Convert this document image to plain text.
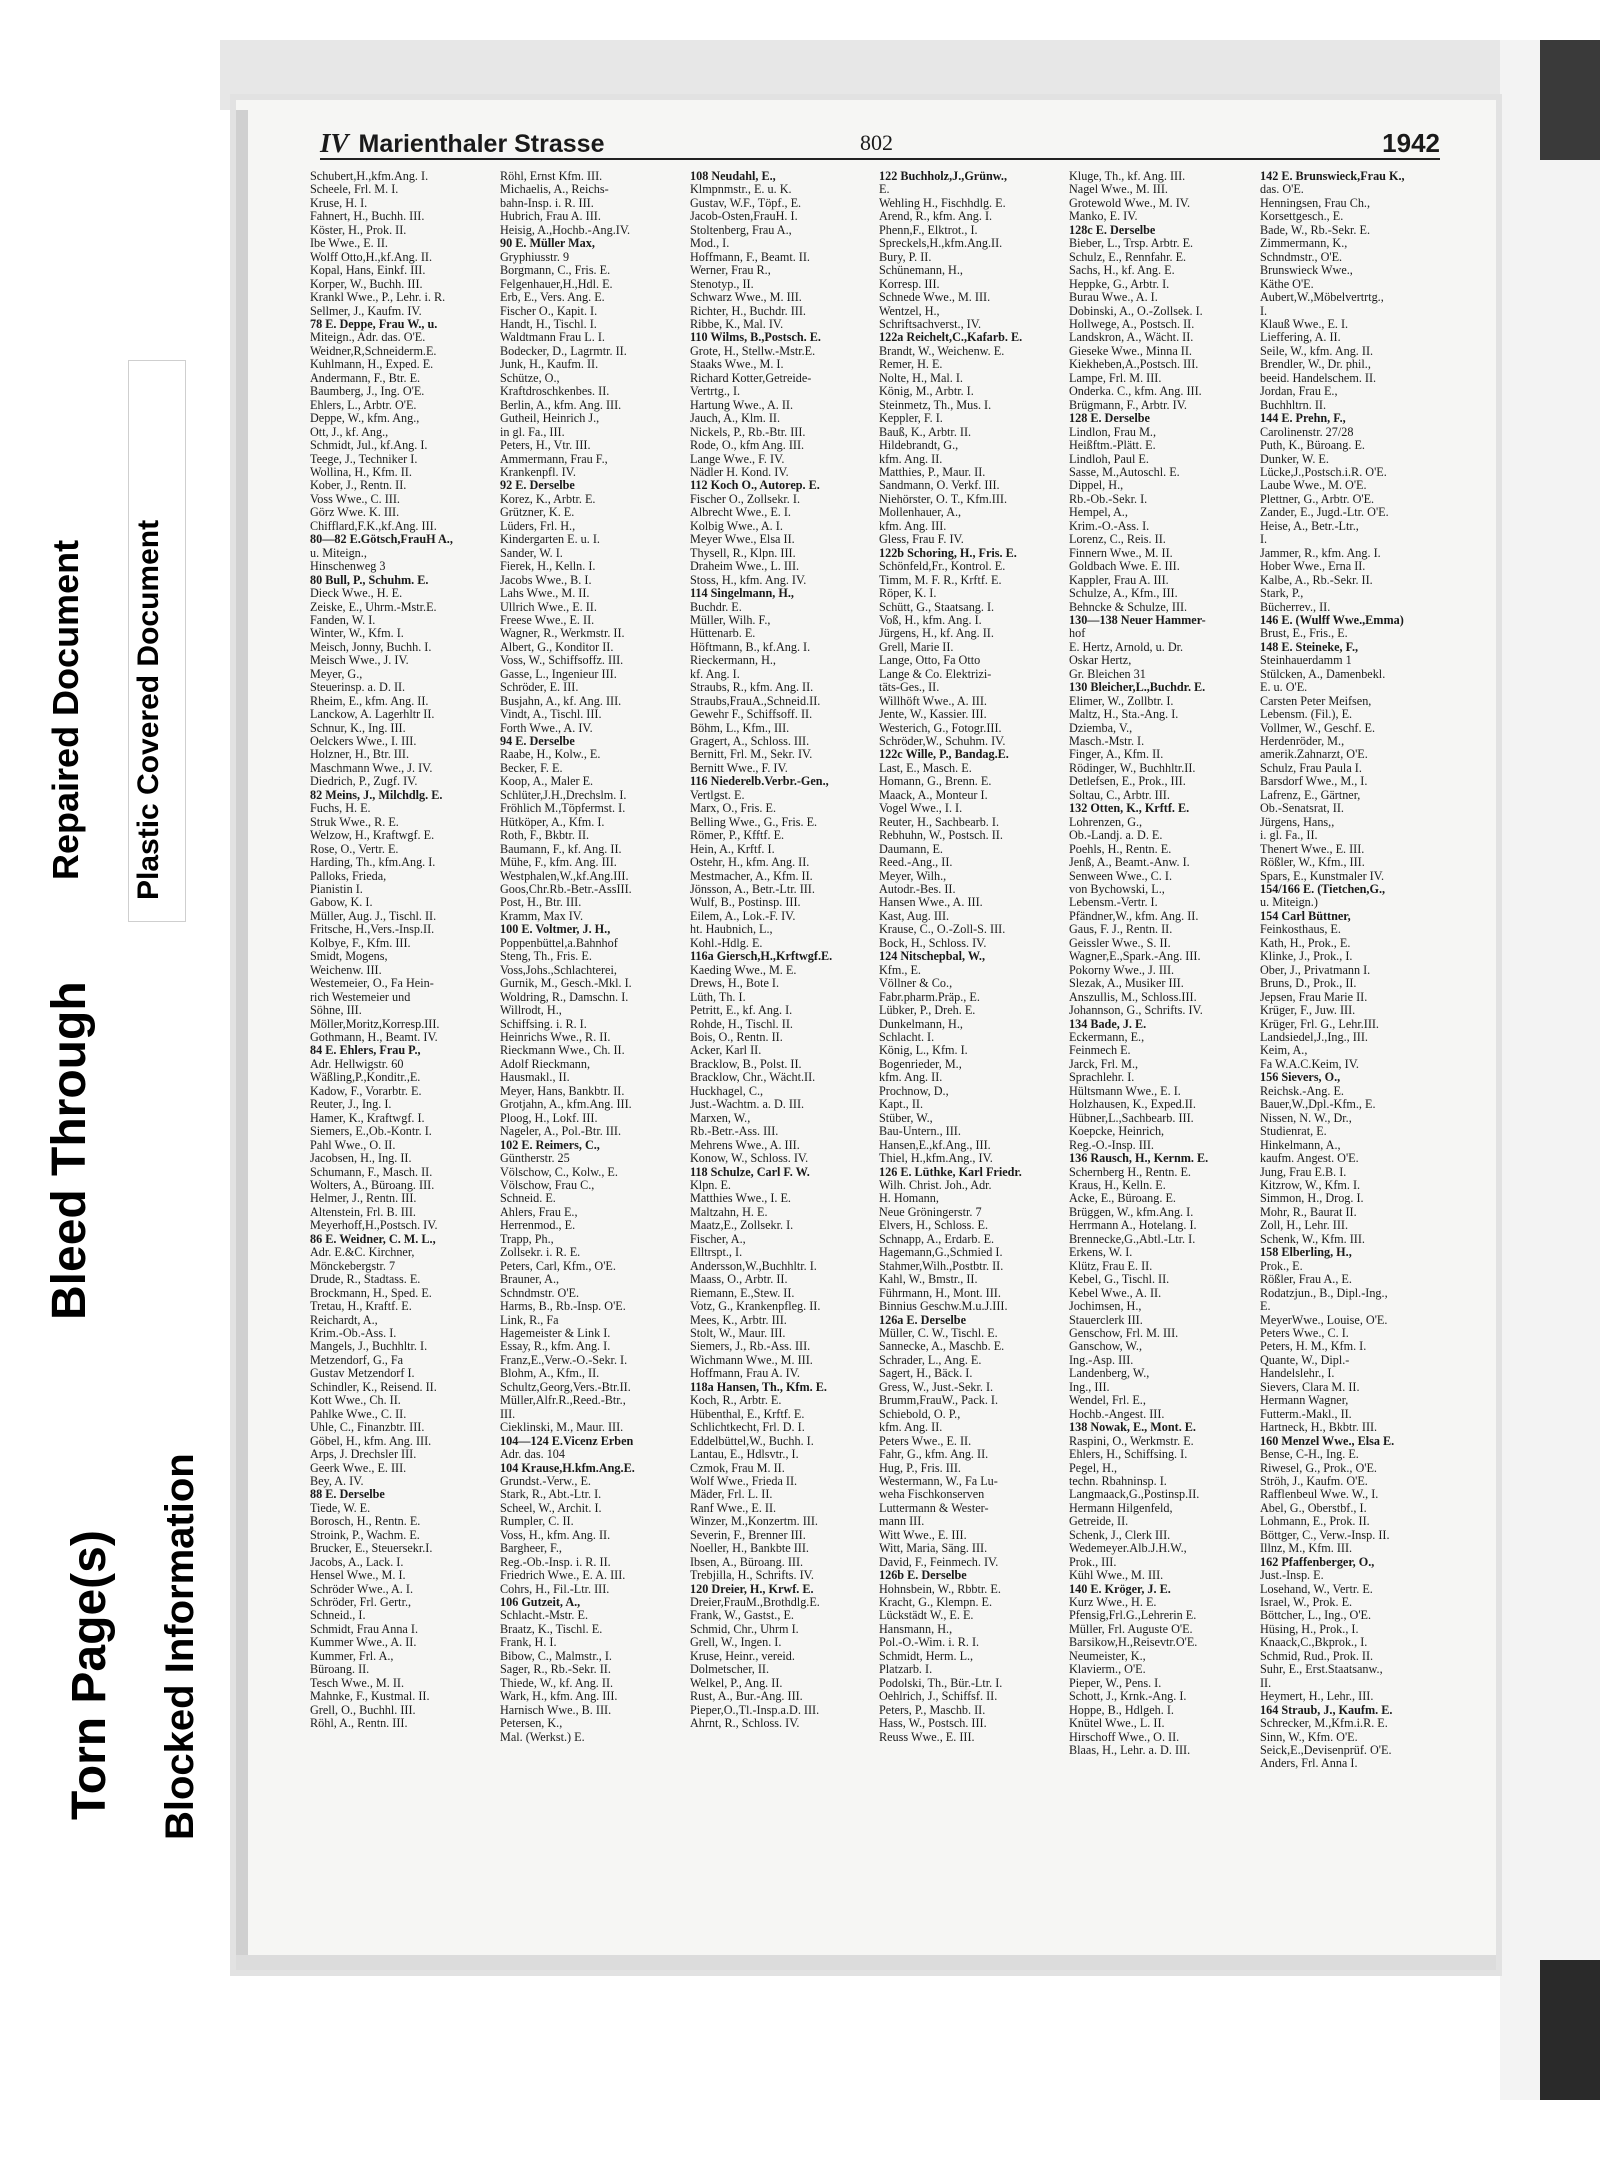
Bleed Through
Repaired Document Plastic Covered Document
Torn Page(s) Blocked Information
IV Marienthaler Strasse	802	1942
Schubert,H.,kfm.Ang. I.
Scheele, Frl. M. I.
Kruse, H. I.
Fahnert, H., Buchh. III.
Köster, H., Prok. II.
Ibe Wwe., E. II.
Wolff Otto,H.,kf.Ang. II.
Kopal, Hans, Einkf. III.
Korper, W., Buchh. III.
Krankl Wwe., P., Lehr. i. R.
Sellmer, J., Kaufm. IV.
78 E. Deppe, Frau W., u.
Miteign., Adr. das. O'E.
Weidner,R,Schneiderm.E.
Kuhlmann, H., Exped. E.
Andermann, F., Btr. E.
Baumberg, J., Ing. O'E.
Ehlers, L., Arbtr. O'E.
Deppe, W., kfm. Ang.,
Ott, J., kf. Ang.,
Schmidt, Jul., kf.Ang. I.
Teege, J., Techniker I.
Wollina, H., Kfm. II.
Kober, J., Rentn. II.
Voss Wwe., C. III.
Görz Wwe. K. III.
Chifflard,F.K.,kf.Ang. III.
80—82 E.Götsch,FrauH A.,
u. Miteign.,
Hinschenweg 3
80 Bull, P., Schuhm. E.
Dieck Wwe., H. E.
Zeiske, E., Uhrm.-Mstr.E.
Fanden, W. I.
Winter, W., Kfm. I.
Meisch, Jonny, Buchh. I.
Meisch Wwe., J. IV.
Meyer, G.,
Steuerinsp. a. D. II.
Rheim, E., kfm. Ang. II.
Lanckow, A. Lagerhltr II.
Schnur, K., Ing. III.
Oelckers Wwe., I. III.
Holzner, H., Btr. III.
Maschmann Wwe., J. IV.
Diedrich, P., Zugf. IV.
82 Meins, J., Milchdlg. E.
Fuchs, H. E.
Struk Wwe., R. E.
Welzow, H., Kraftwgf. E.
Rose, O., Vertr. E.
Harding, Th., kfm.Ang. I.
Palloks, Frieda,
Pianistin I.
Gabow, K. I.
Müller, Aug. J., Tischl. II.
Fritsche, H.,Vers.-Insp.II.
Kolbye, F., Kfm. III.
Smidt, Mogens,
Weichenw. III.
Westemeier, O., Fa Hein-
rich Westemeier und
Söhne, III.
Möller,Moritz,Korresp.III.
Gothmann, H., Beamt. IV.
84 E. Ehlers, Frau P.,
Adr. Hellwigstr. 60
Wäßling,P.,Konditr.,E.
Kadow, F., Vorarbtr. E.
Reuter, J., Ing. I.
Hamer, K., Kraftwgf. I.
Siemers, E.,Ob.-Kontr. I.
Pahl Wwe., O. II.
Jacobsen, H., Ing. II.
Schumann, F., Masch. II.
Wolters, A., Büroang. III.
Helmer, J., Rentn. III.
Altenstein, Frl. B. III.
Meyerhoff,H.,Postsch. IV.
86 E. Weidner, C. M. L.,
Adr. E.&C. Kirchner,
Mönckebergstr. 7
Drude, R., Stadtass. E.
Brockmann, H., Sped. E.
Tretau, H., Kraftf. E.
Reichardt, A.,
Krim.-Ob.-Ass. I.
Mangels, J., Buchhltr. I.
Metzendorf, G., Fa
Gustav Metzendorf I.
Schindler, K., Reisend. II.
Kott Wwe., Ch. II.
Pahlke Wwe., C. II.
Uhle, C., Finanzbtr. III.
Göbel, H., kfm. Ang. III.
Arps, J. Drechsler III.
Geerk Wwe., E. III.
Bey, A. IV.
88 E. Derselbe
Tiede, W. E.
Borosch, H., Rentn. E.
Stroink, P., Wachm. E.
Brucker, E., Steuersekr.I.
Jacobs, A., Lack. I.
Hensel Wwe., M. I.
Schröder Wwe., A. I.
Schröder, Frl. Gertr.,
Schneid., I.
Schmidt, Frau Anna I.
Kummer Wwe., A. II.
Kummer, Frl. A.,
Büroang. II.
Tesch Wwe., M. II.
Mahnke, F., Kustmal. II.
Grell, O., Buchhl. III.
Röhl, A., Rentn. III.
Röhl, Ernst Kfm. III.
Michaelis, A., Reichs-
bahn-Insp. i. R. III.
Hubrich, Frau A. III.
Heisig, A.,Hochb.-Ang.IV.
90 E. Müller Max,
Gryphiusstr. 9
Borgmann, C., Fris. E.
Felgenhauer,H.,Hdl. E.
Erb, E., Vers. Ang. E.
Fischer O., Kapit. I.
Handt, H., Tischl. I.
Waldtmann Frau L. I.
Bodecker, D., Lagrmtr. II.
Junk, H., Kaufm. II.
Schütze, O.,
Kraftdroschkenbes. II.
Berlin, A., kfm. Ang. III.
Gutheil, Heinrich J.,
in gl. Fa., III.
Peters, H., Vtr. III.
Ammermann, Frau F.,
Krankenpfl. IV.
92 E. Derselbe
Korez, K., Arbtr. E.
Grützner, K. E.
Lüders, Frl. H.,
Kindergarten E. u. I.
Sander, W. I.
Fierek, H., Kelln. I.
Jacobs Wwe., B. I.
Lahs Wwe., M. II.
Ullrich Wwe., E. II.
Freese Wwe., E. II.
Wagner, R., Werkmstr. II.
Albert, G., Konditor II.
Voss, W., Schiffsoffz. III.
Gasse, L., Ingenieur III.
Schröder, E. III.
Busjahn, A., kf. Ang. III.
Vindt, A., Tischl. III.
Forth Wwe., A. IV.
94 E. Derselbe
Raabe, H., Kolw., E.
Becker, F. E.
Koop, A., Maler E.
Schlüter,J.H.,Drechslm. I.
Fröhlich M.,Töpfermst. I.
Hütköper, A., Kfm. I.
Roth, F., Bkbtr. II.
Baumann, F., kf. Ang. II.
Mühe, F., kfm. Ang. III.
Westphalen,W.,kf.Ang.III.
Goos,Chr.Rb.-Betr.-AssIII.
Post, H., Btr. III.
Kramm, Max IV.
100 E. Voltmer, J. H.,
Poppenbüttel,a.Bahnhof
Steng, Th., Fris. E.
Voss,Johs.,Schlachterei,
Gurnik, M., Gesch.-Mkl. I.
Woldring, R., Damschn. I.
Willrodt, H.,
Schiffsing. i. R. I.
Heinrichs Wwe., R. II.
Rieckmann Wwe., Ch. II.
Adolf Rieckmann,
Hausmakl., II.
Meyer, Hans, Bankbtr. II.
Grotjahn, A., kfm.Ang. III.
Ploog, H., Lokf. III.
Nageler, A., Pol.-Btr. III.
102 E. Reimers, C.,
Güntherstr. 25
Völschow, C., Kolw., E.
Völschow, Frau C.,
Schneid. E.
Ahlers, Frau E.,
Herrenmod., E.
Trapp, Ph.,
Zollsekr. i. R. E.
Peters, Carl, Kfm., O'E.
Brauner, A.,
Schndmstr. O'E.
Harms, B., Rb.-Insp. O'E.
Link, R., Fa
Hagemeister & Link I.
Essay, R., kfm. Ang. I.
Franz,E.,Verw.-O.-Sekr. I.
Blohm, A., Kfm., II.
Schultz,Georg,Vers.-Btr.II.
Müller,Alfr.R.,Reed.-Btr.,
III.
Cieklinski, M., Maur. III.
104—124 E.Vicenz Erben
Adr. das. 104
104 Krause,H.kfm.Ang.E.
Grundst.-Verw., E.
Stark, R., Abt.-Ltr. I.
Scheel, W., Archit. I.
Rumpler, C. II.
Voss, H., kfm. Ang. II.
Bargheer, F.,
Reg.-Ob.-Insp. i. R. II.
Friedrich Wwe., E. A. III.
Cohrs, H., Fil.-Ltr. III.
106 Gutzeit, A.,
Schlacht.-Mstr. E.
Braatz, K., Tischl. E.
Frank, H. I.
Bibow, C., Malmstr., I.
Sager, R., Rb.-Sekr. II.
Thiede, W., kf. Ang. II.
Wark, H., kfm. Ang. III.
Harnisch Wwe., B. III.
Petersen, K.,
Mal. (Werkst.) E.
108 Neudahl, E.,
Klmpnmstr., E. u. K.
Gustav, W.F., Töpf., E.
Jacob-Osten,FrauH. I.
Stoltenberg, Frau A.,
Mod., I.
Hoffmann, F., Beamt. II.
Werner, Frau R.,
Stenotyp., II.
Schwarz Wwe., M. III.
Richter, H., Buchdr. III.
Ribbe, K., Mal. IV.
110 Wilms, B.,Postsch. E.
Grote, H., Stellw.-Mstr.E.
Staaks Wwe., M. I.
Richard Kotter,Getreide-
Vertrtg., I.
Hartung Wwe., A. II.
Jauch, A., Klm. II.
Nickels, P., Rb.-Btr. III.
Rode, O., kfm Ang. III.
Lange Wwe., F. IV.
Nädler H. Kond. IV.
112 Koch O., Autorep. E.
Fischer O., Zollsekr. I.
Albrecht Wwe., E. I.
Kolbig Wwe., A. I.
Meyer Wwe., Elsa II.
Thysell, R., Klpn. III.
Draheim Wwe., L. III.
Stoss, H., kfm. Ang. IV.
114 Singelmann, H.,
Buchdr. E.
Müller, Wilh. F.,
Hüttenarb. E.
Höftmann, B., kf.Ang. I.
Rieckermann, H.,
kf. Ang. I.
Straubs, R., kfm. Ang. II.
Straubs,FrauA.,Schneid.II.
Gewehr F., Schiffsoff. II.
Böhm, L., Kfm., III.
Gragert, A., Schloss. III.
Bernitt, Frl. M., Sekr. IV.
Bernitt Wwe., F. IV.
116 Niederelb.Verbr.-Gen.,
Vertlgst. E.
Marx, O., Fris. E.
Belling Wwe., G., Fris. E.
Römer, P., Kfftf. E.
Hein, A., Krftf. I.
Ostehr, H., kfm. Ang. II.
Mestmacher, A., Kfm. II.
Jönsson, A., Betr.-Ltr. III.
Wulf, B., Postinsp. III.
Eilem, A., Lok.-F. IV.
ht. Haubnich, L.,
Kohl.-Hdlg. E.
116a Giersch,H.,Krftwgf.E.
Kaeding Wwe., M. E.
Drews, H., Bote I.
Lüth, Th. I.
Petritt, E., kf. Ang. I.
Rohde, H., Tischl. II.
Bois, O., Rentn. II.
Acker, Karl II.
Bracklow, B., Polst. II.
Bracklow, Chr., Wächt.II.
Huckhagel, C.,
Just.-Wachtm. a. D. III.
Marxen, W.,
Rb.-Betr.-Ass. III.
Mehrens Wwe., A. III.
Konow, W., Schloss. IV.
118 Schulze, Carl F. W.
Klpn. E.
Matthies Wwe., I. E.
Maltzahn, H. E.
Maatz,E., Zollsekr. I.
Fischer, A.,
Elltrspt., I.
Andersson,W.,Buchhltr. I.
Maass, O., Arbtr. II.
Riemann, E.,Stew. II.
Votz, G., Krankenpfleg. II.
Mees, K., Arbtr. III.
Stolt, W., Maur. III.
Siemers, J., Rb.-Ass. III.
Wichmann Wwe., M. III.
Hoffmann, Frau A. IV.
118a Hansen, Th., Kfm. E.
Koch, R., Arbtr. E.
Hübenthal, E., Krftf. E.
Schlichtkecht, Frl. D. I.
Eddelbüttel,W., Buchh. I.
Lantau, E., Hdlsvtr., I.
Czmok, Frau M. II.
Wolf Wwe., Frieda II.
Mäder, Frl. L. II.
Ranf Wwe., E. II.
Winzer, M.,Konzertm. III.
Severin, F., Brenner III.
Noeller, H., Bankbte III.
Ibsen, A., Büroang. III.
Trebjilla, H., Schrifts. IV.
120 Dreier, H., Krwf. E.
Dreier,FrauM.,Brothdlg.E.
Frank, W., Gastst., E.
Schmid, Chr., Uhrm I.
Grell, W., Ingen. I.
Kruse, Heinr., vereid.
Dolmetscher, II.
Welkel, P., Ang. II.
Rust, A., Bur.-Ang. III.
Pieper,O.,Tl.-Insp.a.D. III.
Ahrnt, R., Schloss. IV.
122 Buchholz,J.,Grünw.,
E.
Wehling H., Fischhdlg. E.
Arend, R., kfm. Ang. I.
Phenn,F., Elktrot., I.
Spreckels,H.,kfm.Ang.II.
Bury, P. II.
Schünemann, H.,
Korresp. III.
Schnede Wwe., M. III.
Wentzel, H.,
Schriftsachverst., IV.
122a Reichelt,C.,Kafarb. E.
Brandt, W., Weichenw. E.
Remer, H. E.
Nolte, H., Mal. I.
König, M., Arbtr. I.
Steinmetz, Th., Mus. I.
Keppler, F. I.
Bauß, K., Arbtr. II.
Hildebrandt, G.,
kfm. Ang. II.
Matthies, P., Maur. II.
Sandmann, O. Verkf. III.
Niehörster, O. T., Kfm.III.
Mollenhauer, A.,
kfm. Ang. III.
Gless, Frau F. IV.
122b Schoring, H., Fris. E.
Schönfeld,Fr., Kontrol. E.
Timm, M. F. R., Krftf. E.
Röper, K. I.
Schütt, G., Staatsang. I.
Voß, H., kfm. Ang. I.
Jürgens, H., kf. Ang. II.
Grell, Marie II.
Lange, Otto, Fa Otto
Lange & Co. Elektrizi-
täts-Ges., II.
Willhöft Wwe., A. III.
Jente, W., Kassier. III.
Westerich, G., Fotogr.III.
Schröder,W., Schuhm. IV.
122c Wille, P., Bandag.E.
Last, E., Masch. E.
Homann, G., Brenn. E.
Maack, A., Monteur I.
Vogel Wwe., I. I.
Reuter, H., Sachbearb. I.
Rebhuhn, W., Postsch. II.
Daumann, E.
Reed.-Ang., II.
Meyer, Wilh.,
Autodr.-Bes. II.
Hansen Wwe., A. III.
Kast, Aug. III.
Krause, C., O.-Zoll-S. III.
Bock, H., Schloss. IV.
124 Nitschepbal, W.,
Kfm., E.
Völlner & Co.,
Fabr.pharm.Präp., E.
Lübker, P., Dreh. E.
Dunkelmann, H.,
Schlacht. I.
König, L., Kfm. I.
Bogenrieder, M.,
kfm. Ang. II.
Prochnow, D.,
Kapt., II.
Stüber, W.,
Bau-Untern., III.
Hansen,E.,kf.Ang., III.
Thiel, H.,kfm.Ang., IV.
126 E. Lüthke, Karl Friedr.
Wilh. Christ. Joh., Adr.
H. Homann,
Neue Gröningerstr. 7
Elvers, H., Schloss. E.
Schnapp, A., Erdarb. E.
Hagemann,G.,Schmied I.
Stahmer,Wilh.,Postbtr. II.
Kahl, W., Bmstr., II.
Führmann, H., Mont. III.
Binnius Geschw.M.u.J.III.
126a E. Derselbe
Müller, C. W., Tischl. E.
Sannecke, A., Maschb. E.
Schrader, L., Ang. E.
Sagert, H., Bäck. I.
Gress, W., Just.-Sekr. I.
Brumm,FrauW., Pack. I.
Schiebold, O. P.,
kfm. Ang. II.
Peters Wwe., E. II.
Fahr, G., kfm. Ang. II.
Hug, P., Fris. III.
Westermann, W., Fa Lu-
weha Fischkonserven
Luttermann & Wester-
mann III.
Witt Wwe., E. III.
Witt, Maria, Säng. III.
David, F., Feinmech. IV.
126b E. Derselbe
Hohnsbein, W., Rbbtr. E.
Kracht, G., Klempn. E.
Lückstädt W., E. E.
Hansmann, H.,
Pol.-O.-Wim. i. R. I.
Schmidt, Herm. L.,
Platzarb. I.
Podolski, Th., Bür.-Ltr. I.
Oehlrich, J., Schiffsf. II.
Peters, P., Maschb. II.
Hass, W., Postsch. III.
Reuss Wwe., E. III.
Kluge, Th., kf. Ang. III.
Nagel Wwe., M. III.
Grotewold Wwe., M. IV.
Manko, E. IV.
128c E. Derselbe
Bieber, L., Trsp. Arbtr. E.
Schulz, E., Rennfahr. E.
Sachs, H., kf. Ang. E.
Heppke, G., Arbtr. I.
Burau Wwe., A. I.
Dobinski, A., O.-Zollsek. I.
Hollwege, A., Postsch. II.
Landskron, A., Wächt. II.
Gieseke Wwe., Minna II.
Kiekheben,A.,Postsch. III.
Lampe, Frl. M. III.
Onderka. C., kfm. Ang. III.
Brügmann, F., Arbtr. IV.
128 E. Derselbe
Lindlon, Frau M.,
Heißftm.-Plätt. E.
Lindloh, Paul E.
Sasse, M.,Autoschl. E.
Dippel, H.,
Rb.-Ob.-Sekr. I.
Hempel, A.,
Krim.-O.-Ass. I.
Lorenz, C., Reis. II.
Finnern Wwe., M. II.
Goldbach Wwe. E. III.
Kappler, Frau A. III.
Schulze, A., Kfm., III.
Behncke & Schulze, III.
130—138 Neuer Hammer-
hof
E. Hertz, Arnold, u. Dr.
Oskar Hertz,
Gr. Bleichen 31
130 Bleicher,L.,Buchdr. E.
Elimer, W., Zollbtr. I.
Maltz, H., Sta.-Ang. I.
Dziemba, V.,
Masch.-Mstr. I.
Finger, A., Kfm. II.
Rödinger, W., Buchhltr.II.
Detlefsen, E., Prok., III.
Soltau, C., Arbtr. III.
132 Otten, K., Krftf. E.
Lohrenzen, G.,
Ob.-Landj. a. D. E.
Poehls, H., Rentn. E.
Jenß, A., Beamt.-Anw. I.
Senween Wwe., C. I.
von Bychowski, L.,
Lebensm.-Vertr. I.
Pfändner,W., kfm. Ang. II.
Gaus, F. J., Rentn. II.
Geissler Wwe., S. II.
Wagner,E.,Spark.-Ang. III.
Pokorny Wwe., J. III.
Slezak, A., Musiker III.
Anszullis, M., Schloss.III.
Johannson, G., Schrifts. IV.
134 Bade, J. E.
Eckermann, E.,
Feinmech E.
Jarck, Frl. M.,
Sprachlehr. I.
Hültsmann Wwe., E. I.
Holzhausen, K., Exped.II.
Hübner,L.,Sachbearb. III.
Koepcke, Heinrich,
Reg.-O.-Insp. III.
136 Rausch, H., Kernm. E.
Schernberg H., Rentn. E.
Kraus, H., Kelln. E.
Acke, E., Büroang. E.
Brüggen, W., kfm.Ang. I.
Herrmann A., Hotelang. I.
Brennecke,G.,Abtl.-Ltr. I.
Erkens, W. I.
Klütz, Frau E. II.
Kebel, G., Tischl. II.
Kebel Wwe., A. II.
Jochimsen, H.,
Stauerclerk III.
Genschow, Frl. M. III.
Ganschow, W.,
Ing.-Asp. III.
Landenberg, W.,
Ing., III.
Wendel, Frl. E.,
Hochb.-Angest. III.
138 Nowak, E., Mont. E.
Raspini, O., Werkmstr. E.
Ehlers, H., Schiffsing. I.
Pegel, H.,
techn. Rbahninsp. I.
Langmaack,G.,Postinsp.II.
Hermann Hilgenfeld,
Getreide, II.
Schenk, J., Clerk III.
Wedemeyer.Alb.J.H.W.,
Prok., III.
Kühl Wwe., M. III.
140 E. Kröger, J. E.
Kurz Wwe., H. E.
Pfensig,Frl.G.,Lehrerin E.
Müller, Frl. Auguste O'E.
Barsikow,H.,Reisevtr.O'E.
Neumeister, K.,
Klavierm., O'E.
Pieper, W., Pens. I.
Schott, J., Krnk.-Ang. I.
Hoppe, B., Hdlgeh. I.
Knütel Wwe., L. II.
Hirschoff Wwe., O. II.
Blaas, H., Lehr. a. D. III.
142 E. Brunswieck,Frau K.,
das. O'E.
Henningsen, Frau Ch.,
Korsettgesch., E.
Bade, W., Rb.-Sekr. E.
Zimmermann, K.,
Schndmstr., O'E.
Brunswieck Wwe.,
Käthe O'E.
Aubert,W.,Möbelvertrtg.,
I.
Klauß Wwe., E. I.
Lieffering, A. II.
Seile, W., kfm. Ang. II.
Brendler, W., Dr. phil.,
beeid. Handelschem. II.
Jordan, Frau E.,
Buchhltrn. II.
144 E. Prehn, F.,
Carolinenstr. 27/28
Puth, K., Büroang. E.
Dunker, W. E.
Lücke,J.,Postsch.i.R. O'E.
Laube Wwe., M. O'E.
Plettner, G., Arbtr. O'E.
Zander, E., Jugd.-Ltr. O'E.
Heise, A., Betr.-Ltr.,
I.
Jammer, R., kfm. Ang. I.
Hober Wwe., Erna II.
Kalbe, A., Rb.-Sekr. II.
Stark, P.,
Bücherrev., II.
146 E. (Wulff Wwe.,Emma)
Brust, E., Fris., E.
148 E. Steineke, F.,
Steinhauerdamm 1
Stülcken, A., Damenbekl.
E. u. O'E.
Carsten Peter Meifsen,
Lebensm. (Fil.), E.
Vollmer, W., Geschf. E.
Herdenröder, M.,
amerik.Zahnarzt, O'E.
Schulz, Frau Paula I.
Barsdorf Wwe., M., I.
Lafrenz, E., Gärtner,
Ob.-Senatsrat, II.
Jürgens, Hans,,
i. gl. Fa., II.
Thenert Wwe., E. III.
Rößler, W., Kfm., III.
Spars, E., Kunstmaler IV.
154/166 E. (Tietchen,G.,
u. Miteign.)
154 Carl Büttner,
Feinkosthaus, E.
Kath, H., Prok., E.
Klinke, J., Prok., I.
Ober, J., Privatmann I.
Bruns, D., Prok., II.
Jepsen, Frau Marie II.
Krüger, F., Juw. III.
Krüger, Frl. G., Lehr.III.
Landsiedel,J.,Ing., III.
Keim, A.,
Fa W.A.C.Keim, IV.
156 Sievers, O.,
Reichsk.-Ang. E.
Bauer,W.,Dpl.-Kfm., E.
Nissen, N. W., Dr.,
Studienrat, E.
Hinkelmann, A.,
kaufm. Angest. O'E.
Jung, Frau E.B. I.
Kitzrow, W., Kfm. I.
Simmon, H., Drog. I.
Mohr, R., Baurat II.
Zoll, H., Lehr. III.
Schenk, W., Kfm. III.
158 Elberling, H.,
Prok., E.
Rößler, Frau A., E.
Rodatzjun., B., Dipl.-Ing.,
E.
MeyerWwe., Louise, O'E.
Peters Wwe., C. I.
Peters, H. M., Kfm. I.
Quante, W., Dipl.-
Handelslehr., I.
Sievers, Clara M. II.
Hermann Wagner,
Futterm.-Makl., II.
Hartneck, H., Bkbtr. III.
160 Menzel Wwe., Elsa E.
Bense, C-H., Ing. E.
Riwesel, G., Prok., O'E.
Ströh, J., Kaufm. O'E.
Rafflenbeul Wwe. W., I.
Abel, G., Oberstbf., I.
Lohmann, E., Prok. II.
Böttger, C., Verw.-Insp. II.
Illnz, M., Kfm. III.
162 Pfaffenberger, O.,
Just.-Insp. E.
Losehand, W., Vertr. E.
Israel, W., Prok. E.
Böttcher, L., Ing., O'E.
Hüsing, H., Prok., I.
Knaack,C.,Bkprok., I.
Schmid, Rud., Prok. II.
Suhr, E., Erst.Staatsanw.,
II.
Heymert, H., Lehr., III.
164 Straub, J., Kaufm. E.
Schrecker, M.,Kfm.i.R. E.
Sinn, W., Kfm. O'E.
Seick,E.,Devisenprüf. O'E.
Anders, Frl. Anna I.
